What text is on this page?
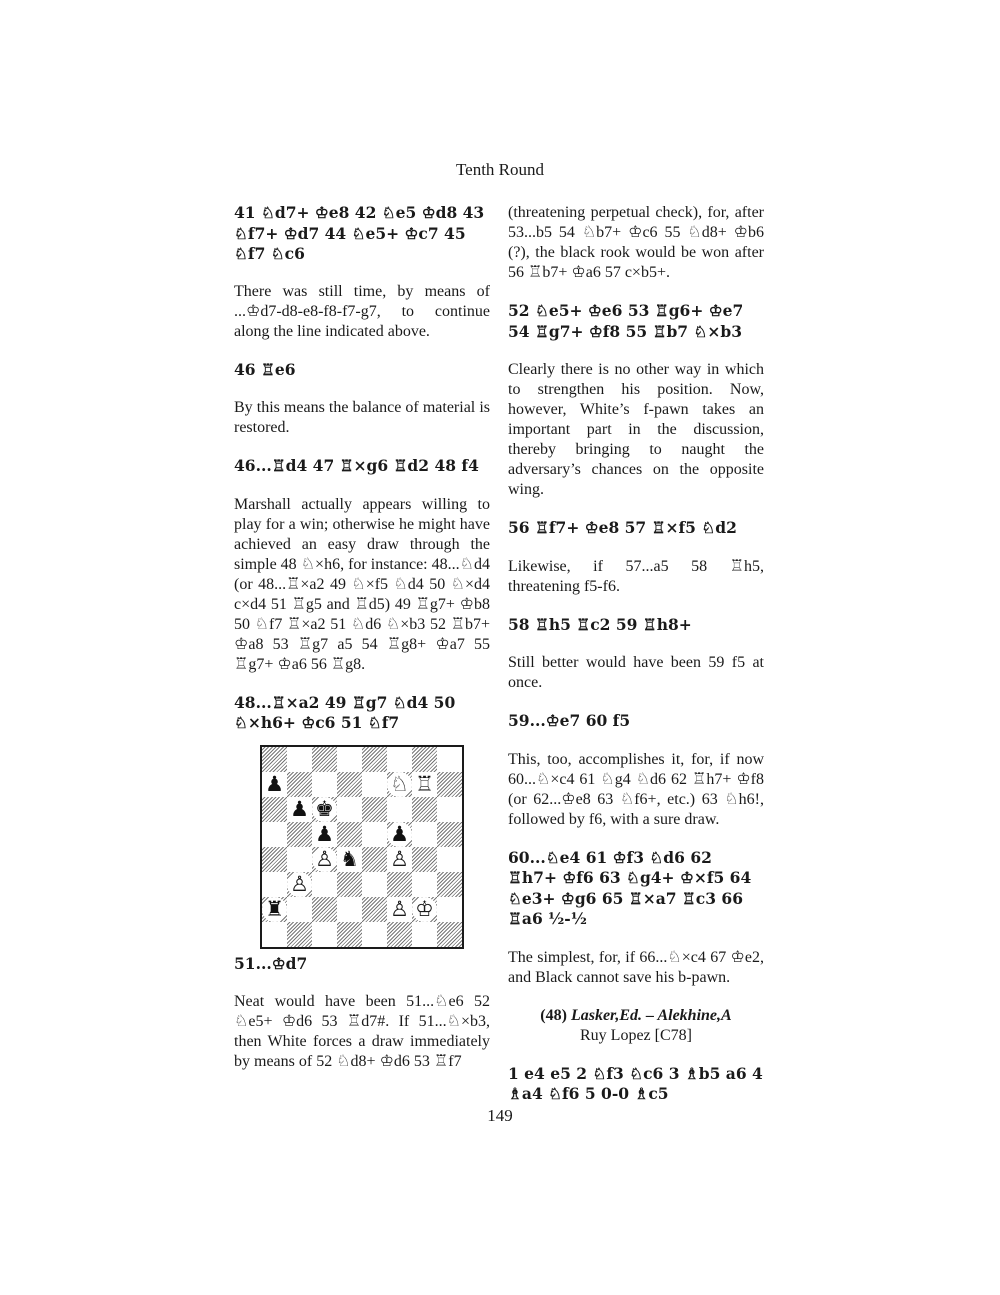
Tenth Round

41 ♘d7+ ♔e8 42 ♘e5 ♔d8 43 ♘f7+ ♔d7 44 ♘e5+ ♔c7 45 ♘f7 ♘c6

There was still time, by means of ...♔d7-d8-e8-f8-f7-g7, to continue along the line indicated above.

46 ♖e6

By this means the balance of material is restored.

46...♖d4 47 ♖×g6 ♖d2 48 f4

Marshall actually appears willing to play for a win; otherwise he might have achieved an easy draw through the simple 48 ♘×h6, for instance: 48...♘d4 (or 48...♖×a2 49 ♘×f5 ♘d4 50 ♘×d4 c×d4 51 ♖g5 and ♖d5) 49 ♖g7+ ♔b8 50 ♘f7 ♖×a2 51 ♘d6 ♘×b3 52 ♖b7+ ♔a8 53 ♖g7 a5 54 ♖g8+ ♔a7 55 ♖g7+ ♔a6 56 ♖g8.

48...♖×a2 49 ♖g7 ♘d4 50 ♘×h6+ ♔c6 51 ♘f7

♟	♘ ♖
♟ ♚
♟	♟
♙ ♞ ♙
♙
♜	♙ ♔

51...♔d7

Neat would have been 51...♘e6 52 ♘e5+ ♔d6 53 ♖d7#. If 51...♘×b3, then White forces a draw immediately by means of 52 ♘d8+ ♔d6 53 ♖f7

(threatening perpetual check), for, after 53...b5 54 ♘b7+ ♔c6 55 ♘d8+ ♔b6 (?), the black rook would be won after 56 ♖b7+ ♔a6 57 c×b5+.

52 ♘e5+ ♔e6 53 ♖g6+ ♔e7 54 ♖g7+ ♔f8 55 ♖b7 ♘×b3

Clearly there is no other way in which to strengthen his position. Now, however, White’s f-pawn takes an important part in the discussion, thereby bringing to naught the adversary’s chances on the opposite wing.

56 ♖f7+ ♔e8 57 ♖×f5 ♘d2

Likewise, if 57...a5 58 ♖h5, threatening f5-f6.

58 ♖h5 ♖c2 59 ♖h8+

Still better would have been 59 f5 at once.

59...♔e7 60 f5

This, too, accomplishes it, for, if now 60...♘×c4 61 ♘g4 ♘d6 62 ♖h7+ ♔f8 (or 62...♔e8 63 ♘f6+, etc.) 63 ♘h6!, followed by f6, with a sure draw.

60...♘e4 61 ♔f3 ♘d6 62 ♖h7+ ♔f6 63 ♘g4+ ♔×f5 64 ♘e3+ ♔g6 65 ♖×a7 ♖c3 66 ♖a6 ½-½

The simplest, for, if 66...♘×c4 67 ♔e2, and Black cannot save his b-pawn.

(48) Lasker,Ed. – Alekhine,A

Ruy Lopez [C78]

1 e4 e5 2 ♘f3 ♘c6 3 ♗b5 a6 4 ♗a4 ♘f6 5 0-0 ♗c5

149
